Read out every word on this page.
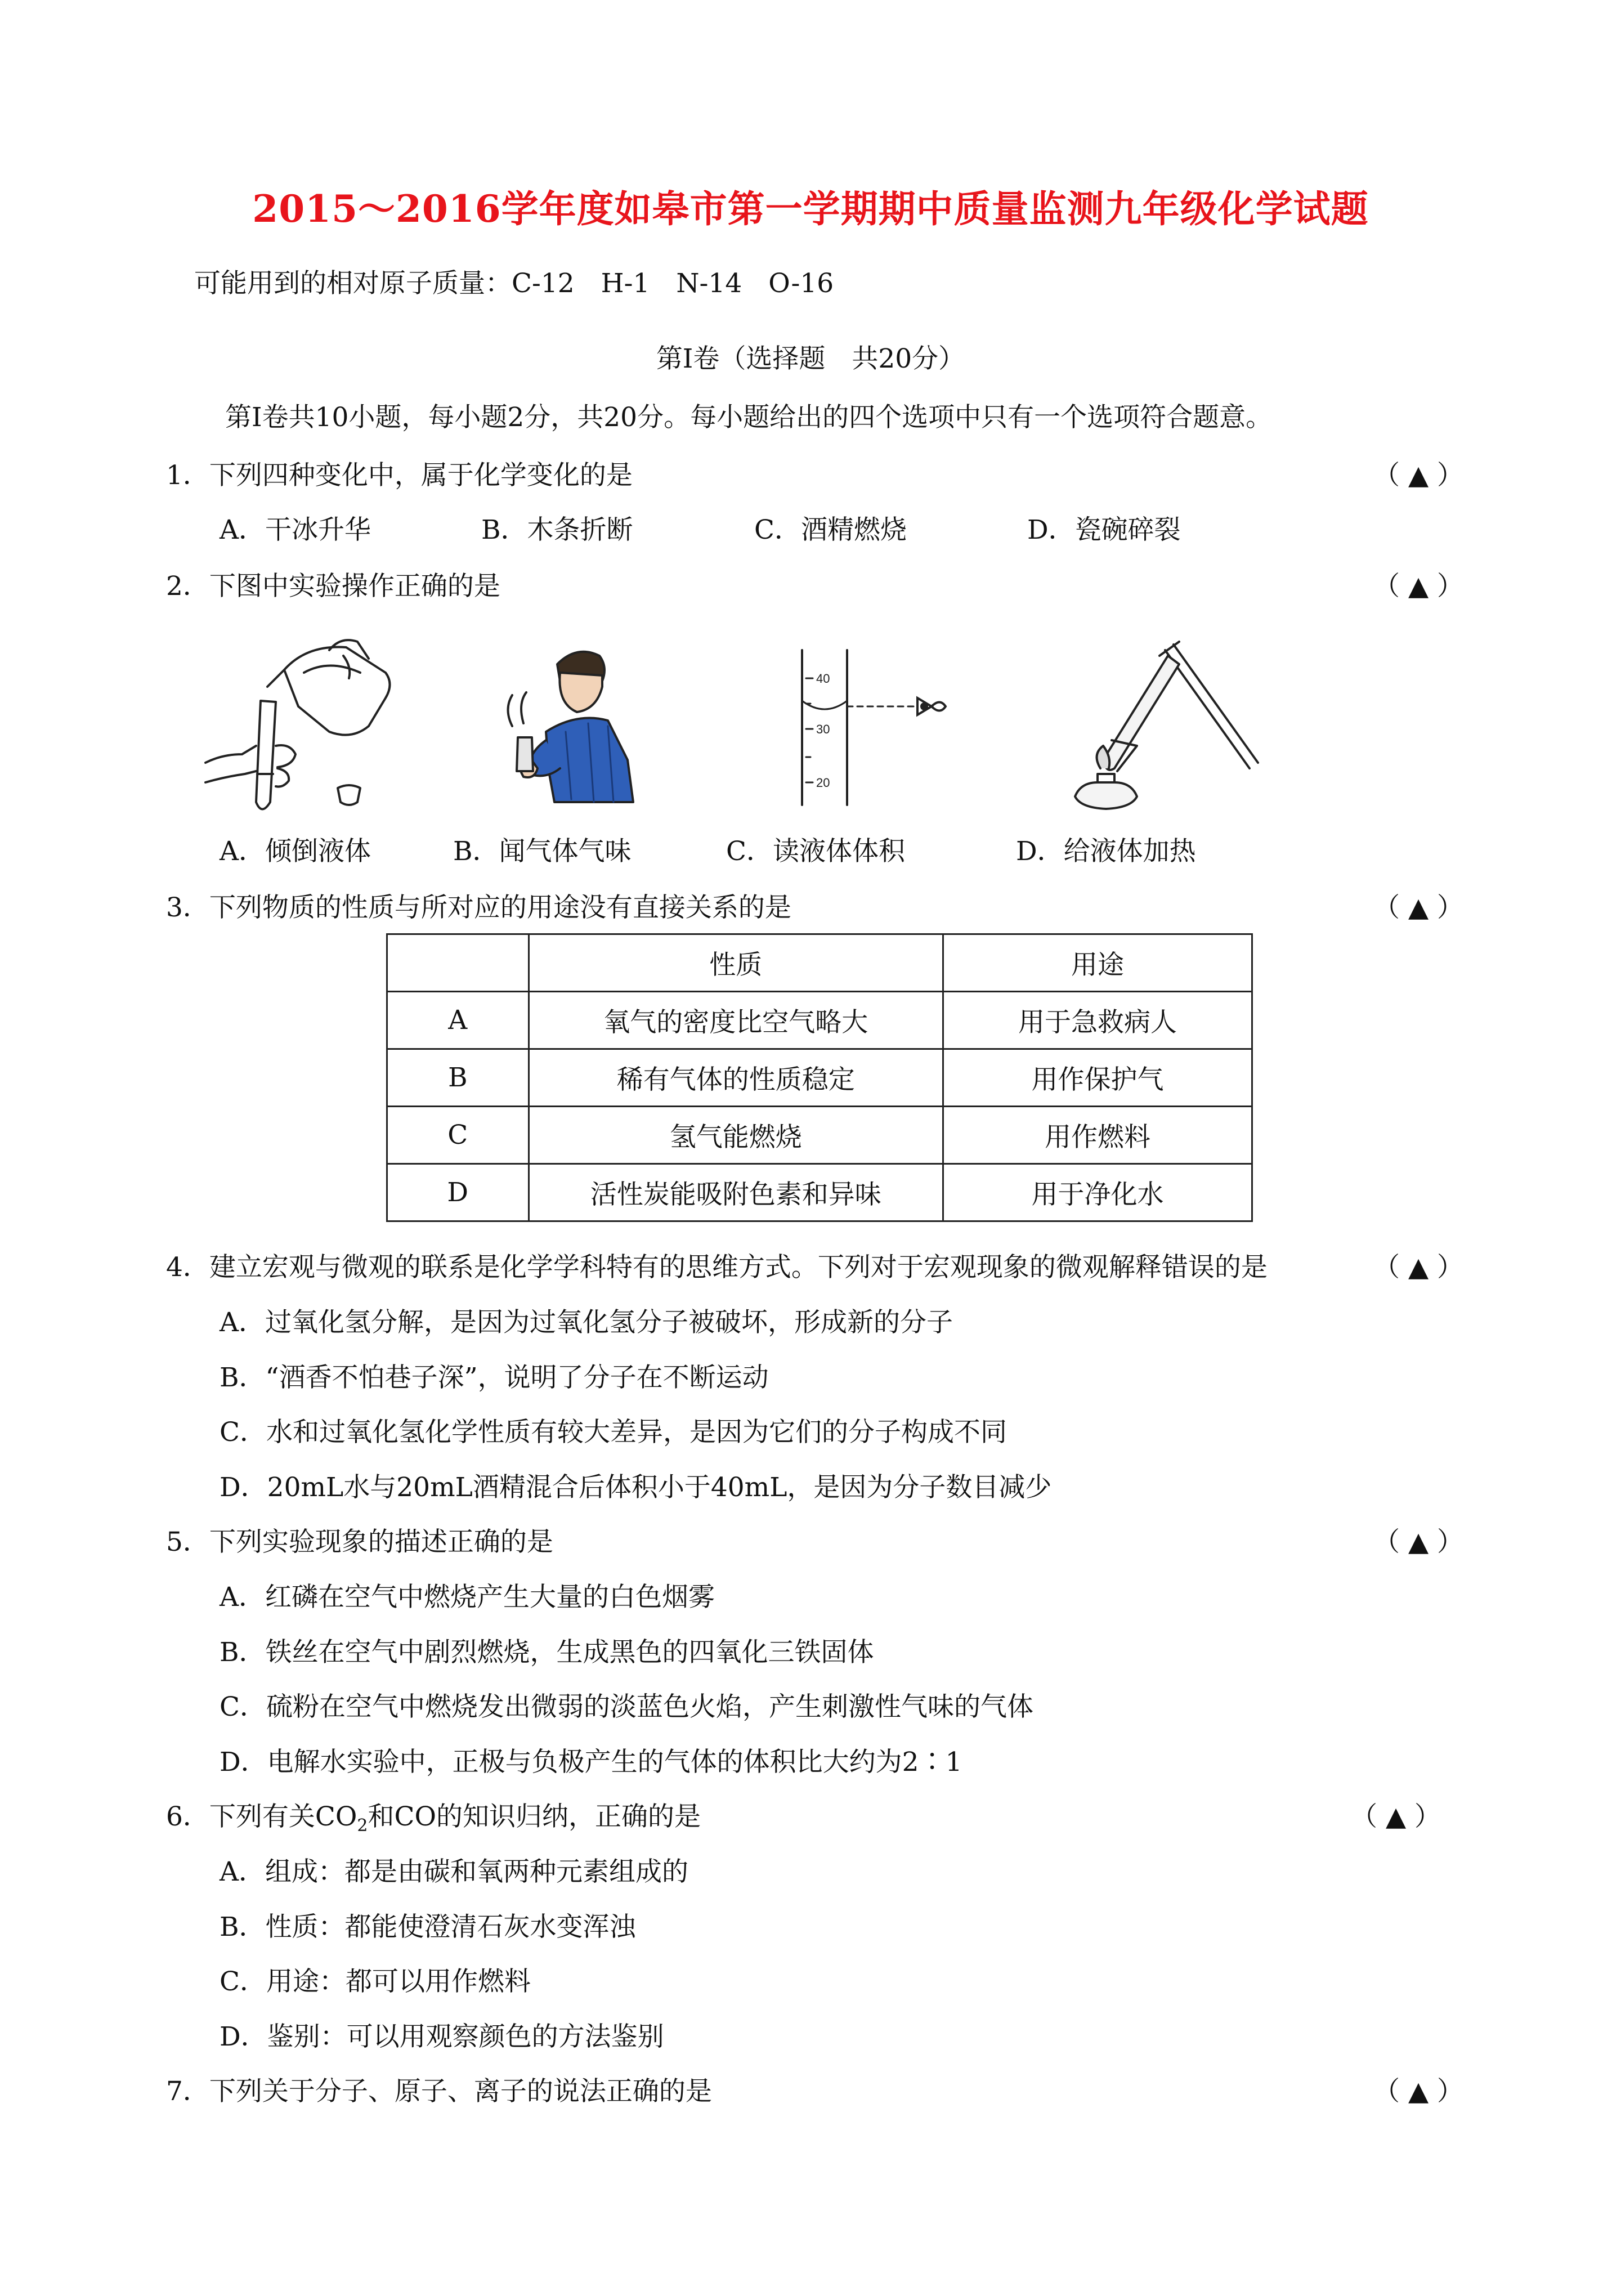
2015～2016学年度如皋市第一学期期中质量监测九年级化学试题
可能用到的相对原子质量：C-12　H-1　N-14　O-16
第Ⅰ卷（选择题　共20分）
第Ⅰ卷共10小题，每小题2分，共20分。每小题给出的四个选项中只有一个选项符合题意。
1．下列四种变化中，属于化学变化的是	（ ▲ ）
A．干冰升华	B．木条折断	C．酒精燃烧	D．瓷碗碎裂
2．下图中实验操作正确的是	（ ▲ ）
40
30
20
A．倾倒液体	B．闻气体气味	C．读液体体积	D．给液体加热
3．下列物质的性质与所对应的用途没有直接关系的是	（ ▲ ）
	性质	用途
A	氧气的密度比空气略大	用于急救病人
B	稀有气体的性质稳定	用作保护气
C	氢气能燃烧	用作燃料
D	活性炭能吸附色素和异味	用于净化水
4．建立宏观与微观的联系是化学学科特有的思维方式。下列对于宏观现象的微观解释错误的是	（ ▲ ）
A．过氧化氢分解，是因为过氧化氢分子被破坏，形成新的分子
B．“酒香不怕巷子深”，说明了分子在不断运动
C．水和过氧化氢化学性质有较大差异，是因为它们的分子构成不同
D．20mL水与20mL酒精混合后体积小于40mL，是因为分子数目减少
5．下列实验现象的描述正确的是	（ ▲ ）
A．红磷在空气中燃烧产生大量的白色烟雾
B．铁丝在空气中剧烈燃烧，生成黑色的四氧化三铁固体
C．硫粉在空气中燃烧发出微弱的淡蓝色火焰，产生刺激性气味的气体
D．电解水实验中，正极与负极产生的气体的体积比大约为2∶1
6．下列有关$CO_2$和CO的知识归纳，正确的是	（ ▲ ）
A．组成：都是由碳和氧两种元素组成的
B．性质：都能使澄清石灰水变浑浊
C．用途：都可以用作燃料
D．鉴别：可以用观察颜色的方法鉴别
7．下列关于分子、原子、离子的说法正确的是	（ ▲ ）
